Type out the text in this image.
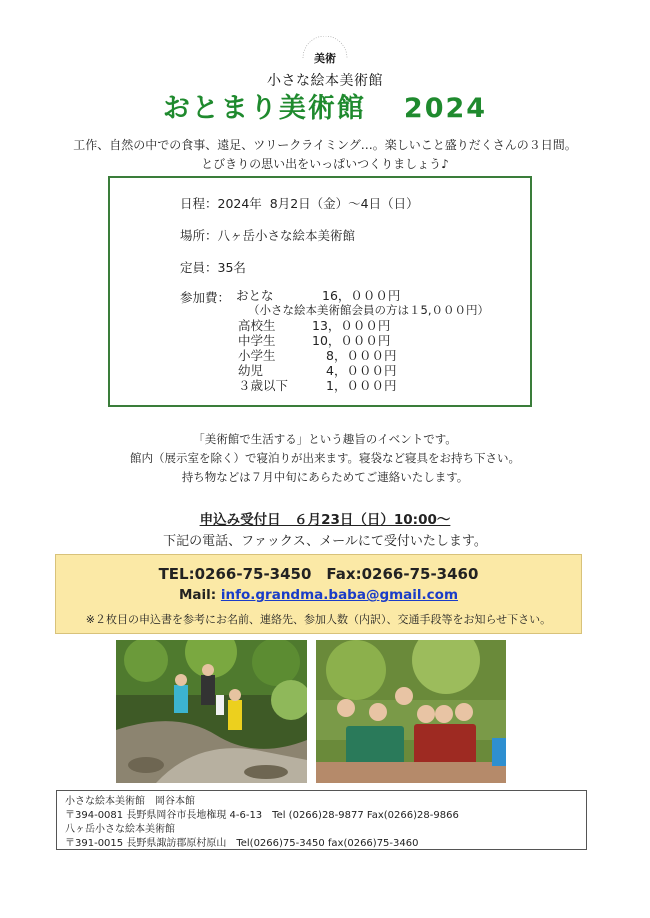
美術
小さな絵本美術館
おとまり美術館 2024
工作、自然の中での食事、遠足、ツリークライミング…。楽しいこと盛りだくさんの３日間。
とびきりの思い出をいっぱいつくりましょう♪
日程：2024年  8月2日（金）～4日（日）
場所：八ヶ岳小さな絵本美術館
定員：35名
参加費： おとな	16，０００円
（小さな絵本美術館会員の方は１5,０００円）
高校生	13，０００円
中学生	10，０００円
小学生	8，０００円
幼児	4，０００円
３歳以下	1，０００円
「美術館で生活する」という趣旨のイベントです。
館内（展示室を除く）で寝泊りが出来ます。寝袋など寝具をお持ち下さい。
持ち物などは７月中旬にあらためてご連絡いたします。
申込み受付日　６月23日（日）10:00～
下記の電話、ファックス、メールにて受付いたします。
TEL:0266-75-3450　Fax:0266-75-3460
Mail: info.grandma.baba@gmail.com
※２枚目の申込書を参考にお名前、連絡先、参加人数（内訳）、交通手段等をお知らせ下さい。
小さな絵本美術館　岡谷本館
〒394-0081 長野県岡谷市長地権現 4-6-13　Tel (0266)28-9877 Fax(0266)28-9866
八ヶ岳小さな絵本美術館
〒391-0015 長野県諏訪郡原村原山　Tel(0266)75-3450 fax(0266)75-3460
